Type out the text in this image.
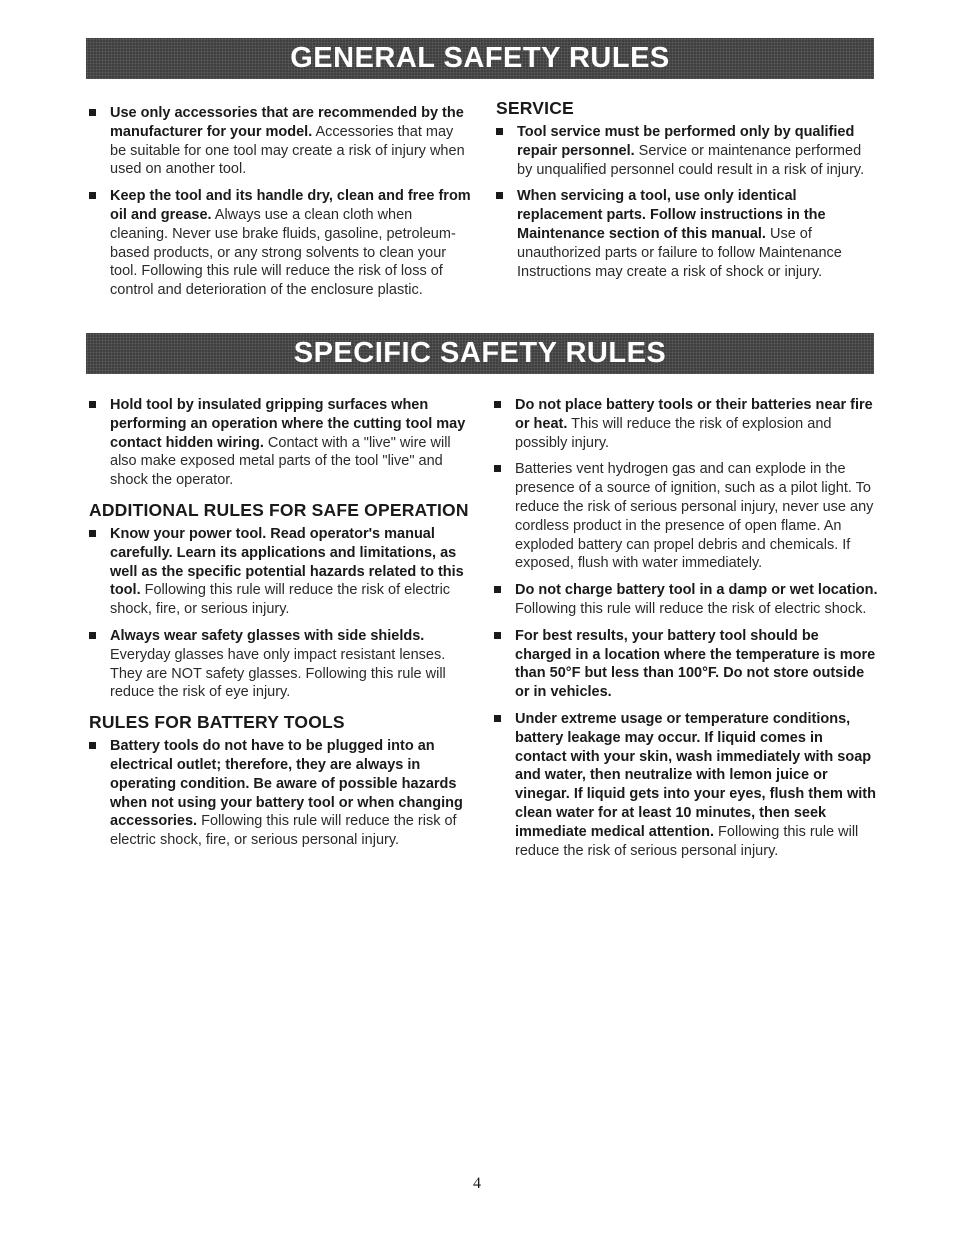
GENERAL SAFETY RULES
Use only accessories that are recommended by the manufacturer for your model. Accessories that may be suitable for one tool may create a risk of injury when used on another tool.
Keep the tool and its handle dry, clean and free from oil and grease. Always use a clean cloth when cleaning. Never use brake fluids, gasoline, petroleum-based products, or any strong solvents to clean your tool. Following this rule will reduce the risk of loss of control and deterioration of the enclosure plastic.
SERVICE
Tool service must be performed only by qualified repair personnel. Service or maintenance performed by unqualified personnel could result in a risk of injury.
When servicing a tool, use only identical replacement parts. Follow instructions in the Maintenance section of this manual. Use of unauthorized parts or failure to follow Maintenance Instructions may create a risk of shock or injury.
SPECIFIC SAFETY RULES
Hold tool by insulated gripping surfaces when performing an operation where the cutting tool may contact hidden wiring. Contact with a "live" wire will also make exposed metal parts of the tool "live" and shock the operator.
ADDITIONAL RULES FOR SAFE OPERATION
Know your power tool. Read operator's manual carefully. Learn its applications and limitations, as well as the specific potential hazards related to this tool. Following this rule will reduce the risk of electric shock, fire, or serious injury.
Always wear safety glasses with side shields. Everyday glasses have only impact resistant lenses. They are NOT safety glasses. Following this rule will reduce the risk of eye injury.
RULES FOR BATTERY TOOLS
Battery tools do not have to be plugged into an electrical outlet; therefore, they are always in operating condition. Be aware of possible hazards when not using your battery tool or when changing accessories. Following this rule will reduce the risk of electric shock, fire, or serious personal injury.
Do not place battery tools or their batteries near fire or heat. This will reduce the risk of explosion and possibly injury.
Batteries vent hydrogen gas and can explode in the presence of a source of ignition, such as a pilot light. To reduce the risk of serious personal injury, never use any cordless product in the presence of open flame. An exploded battery can propel debris and chemicals. If exposed, flush with water immediately.
Do not charge battery tool in a damp or wet location. Following this rule will reduce the risk of electric shock.
For best results, your battery tool should be charged in a location where the temperature is more than 50°F but less than 100°F. Do not store outside or in vehicles.
Under extreme usage or temperature conditions, battery leakage may occur. If liquid comes in contact with your skin, wash immediately with soap and water, then neutralize with lemon juice or vinegar. If liquid gets into your eyes, flush them with clean water for at least 10 minutes, then seek immediate medical attention. Following this rule will reduce the risk of serious personal injury.
4
